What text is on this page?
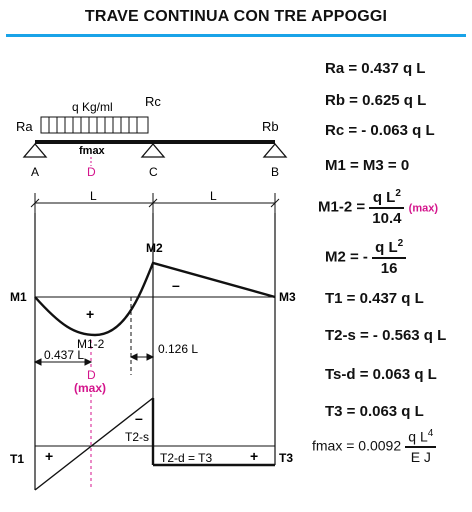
TRAVE CONTINUA CON TRE APPOGGI
q Kg/ml
Ra
Rc
Rb
fmax
D
A	C	B
L	L
M1
M2
M3
+
–
M1-2
0.437 L	0.126 L
D
(max)
T1
T2-s
T2-d = T3	T3
+
–
+
Ra = 0.437 q L
Rb = 0.625 q L
Rc = - 0.063 q L
M1 = M3 = 0
$M1-2 = \frac{q L^2}{10.4} (\max)$
M2 = - $\frac{q L^2}{16}$
T1 = 0.437 q L
T2-s = - 0.563 q L
Ts-d = 0.063 q L
T3 = 0.063 q L
$fmax = 0.0092 \frac{q L^4}{\text{E J}}$
